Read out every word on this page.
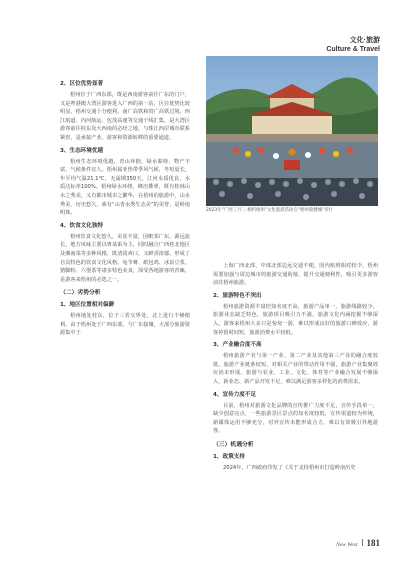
文化·旅游
Culture & Travel
2、区位优势显著

梧州位于广西东部，既是西南游客前往广东的门户，又是粤港澳大湾区游客进入广西的第一站，区位优势比较明显。梧州交通十分便利，南广高铁和贵广高铁过境，西江航道、内河航运、包茂高速等交通干线汇集，是大湾区游客前往桂东及大西南的必经之地，与珠江西岸城市联系紧密，是承接产业、游客和资源转移的重要通道。

3、生态环境优越

梧州生态环境优越，青山环抱，绿水萦绕，物产丰富，气候条件宜人。梧州属亚热带季风气候，冬短夏长，年平均气温21.1℃，无霜期350天，江河水质优良，水质达标率100%。梧州绿水环绕，峰峦叠翠，既有桂林山水之秀美，又有都市城市之繁华，在梧州的旅游中，山水秀美，历史悠久，素有“山青水秀生态美”的美誉，是岭南明珠。

4、饮食文化独特

梧州饮食文化悠久，美食丰富，因毗邻广东，源远流长，地方风味主要以粤菜系为主，同时融合广西桂北地区及湘南菜等多种风格，既清淡爽口，又鲜香浓郁，形成了自具特色的饮食文化风格。龟苓膏、纸包鸡、冰泉豆浆、猪脚粉、六堡茶等诸多特色美食，深受各地游客的青睐，是游客来梧州的必选之一。

（二）劣势分析
1、地区位置相对偏僻

梧州地处桂东，位于三省交界处，北上进行不够便利。由于梧州处于广西东部，与广东接壤，大部分旅游资源集中于

2023年“广西三月三·相约梧州”文化旅游活动在“梧州骑楼城”举行

上海广西北部、中部北部边远交通不便，国内航班相对较少，梧州需要加强与周边城市的旅游交通衔接，提升交通便利性，吸引更多游客前往梧州旅游。

2、旅游特色不突出

梧州旅游资源丰富但知名度不高，旅游产品单一，旅游线路较少，旅游业态缺乏特色，旅游项目吸引力不强，旅游文化内涵挖掘不够深入，游客来梧州大多只是匆匆一游，难以形成良好的旅游口碑效应，游客停留时间短，旅游消费水平较低。

3、产业融合度不高

梧州旅游产业与第一产业、第二产业及其他第三产业的融合度较低，旅游产业链条较短，对相关产业的带动作用不强，旅游产业集聚效应尚未形成。旅游与农业、工业、文化、体育等产业融合发展不够深入，新业态、新产品开发不足，难以满足游客多样化的消费需求。

4、宣传力度不足

目前，梧州对旅游文化品牌的宣传推广力度不足，宣传手段单一，缺少创意亮点，一些旅游景区景点的知名度较低，宣传渠道较为传统，新媒体运用不够充分，对外宣传未能形成合力，难以有效吸引外地游客。

（三）机遇分析
1、政策支持

2024年，广西政府印发了《关于支持梧州市打造岭南历史

New West 181
